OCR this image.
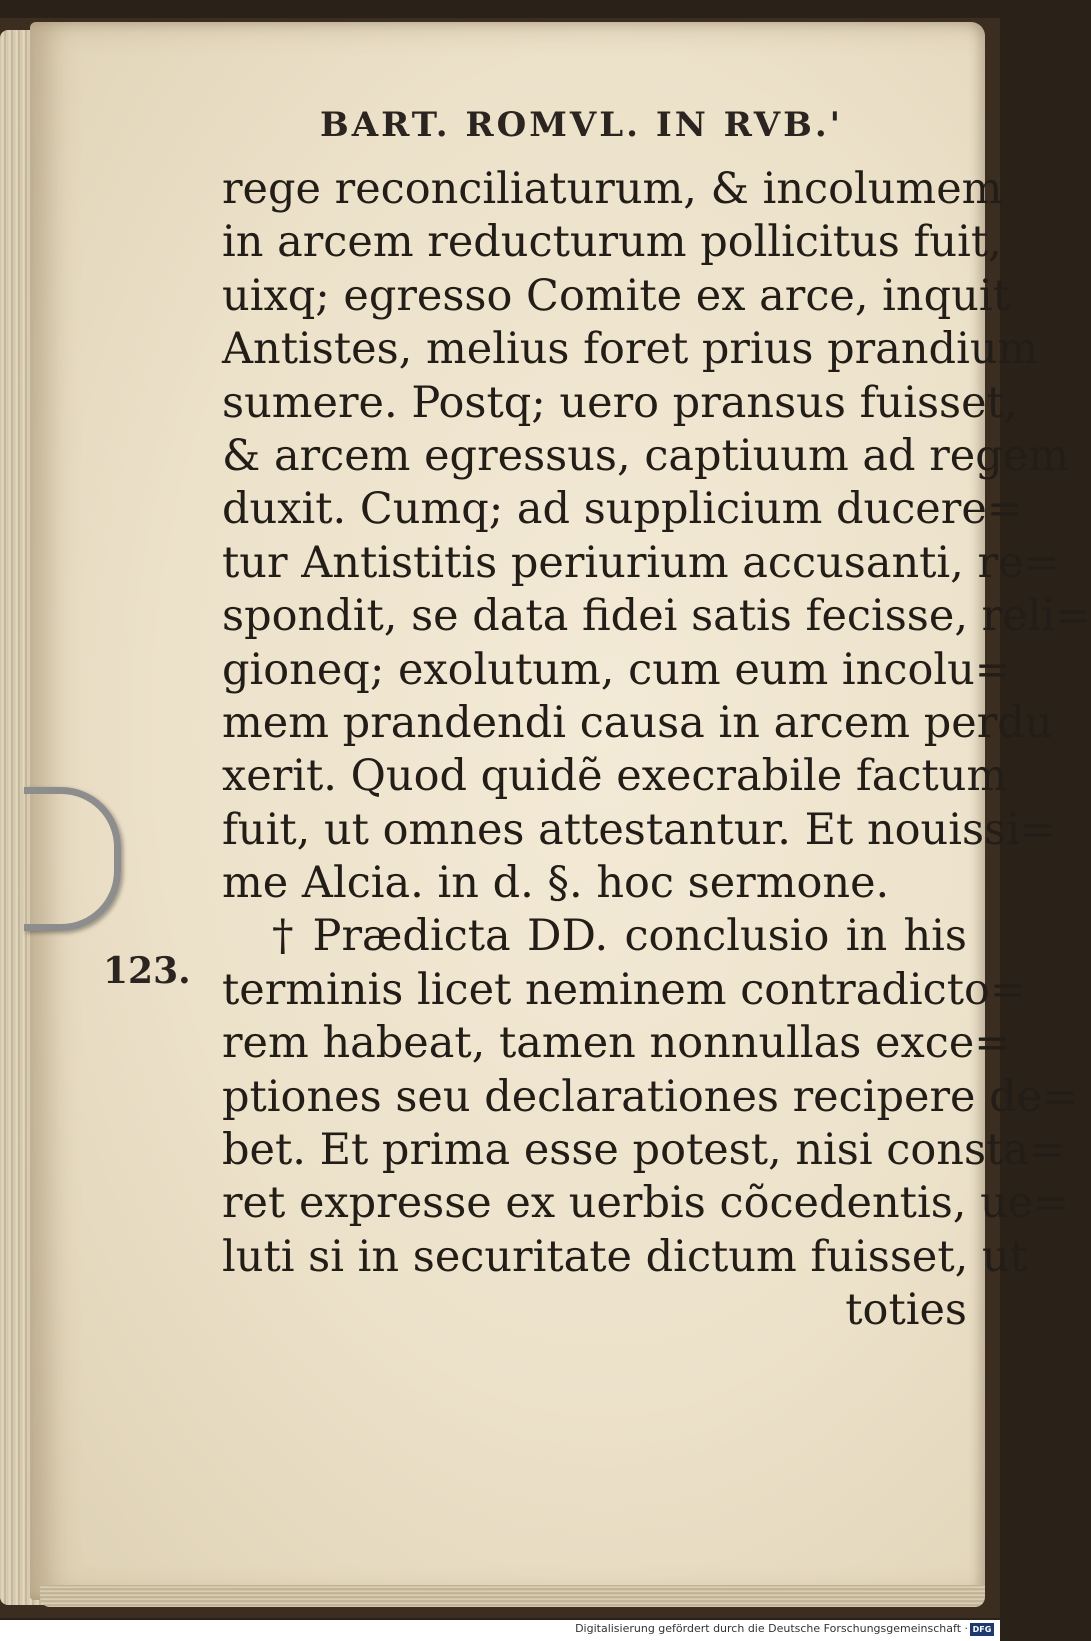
BART. ROMVL. IN RVB.'
123.
rege reconciliaturum, & incolumem
in arcem reducturum pollicitus fuit,
uixq; egresso Comite ex arce, inquit
Antistes, melius foret prius prandium
sumere. Postq; uero pransus fuisset,
& arcem egressus, captiuum ad regem
duxit. Cumq; ad supplicium ducere=
tur Antistitis periurium accusanti, re=
spondit, se data fidei satis fecisse, reli=
gioneq; exolutum, cum eum incolu=
mem prandendi causa in arcem perdu
xerit. Quod quidẽ execrabile factum
fuit, ut omnes attestantur. Et nouissi=
me Alcia. in d. §. hoc sermone.
† Prædicta DD. conclusio in his
terminis licet neminem contradicto=
rem habeat, tamen nonnullas exce=
ptiones seu declarationes recipere de=
bet. Et prima esse potest, nisi consta=
ret expresse ex uerbis cõcedentis, ue=
luti si in securitate dictum fuisset, ut
toties
Digitalisierung gefördert durch die Deutsche Forschungsgemeinschaft · DFG
